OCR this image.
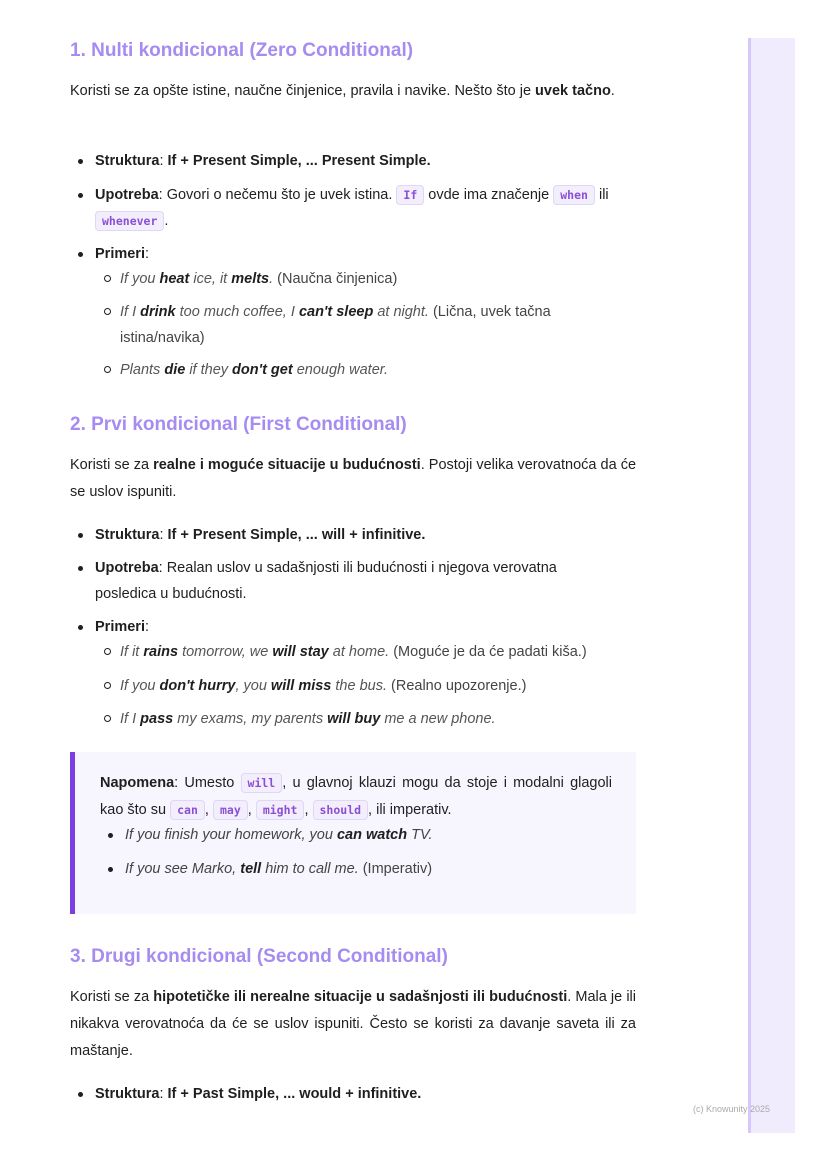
1. Nulti kondicional (Zero Conditional)
Koristi se za opšte istine, naučne činjenice, pravila i navike. Nešto što je uvek tačno.
Struktura: If + Present Simple, ... Present Simple.
Upotreba: Govori o nečemu što je uvek istina. If ovde ima značenje when ili whenever .
Primeri:
If you heat ice, it melts. (Naučna činjenica)
If I drink too much coffee, I can't sleep at night. (Lična, uvek tačna istina/navika)
Plants die if they don't get enough water.
2. Prvi kondicional (First Conditional)
Koristi se za realne i moguće situacije u budućnosti. Postoji velika verovatnoća da će se uslov ispuniti.
Struktura: If + Present Simple, ... will + infinitive.
Upotreba: Realan uslov u sadašnjosti ili budućnosti i njegova verovatna posledica u budućnosti.
Primeri:
If it rains tomorrow, we will stay at home. (Moguće je da će padati kiša.)
If you don't hurry, you will miss the bus. (Realno upozorenje.)
If I pass my exams, my parents will buy me a new phone.
Napomena: Umesto will , u glavnoj klauzi mogu da stoje i modalni glagoli kao što su can , may , might , should , ili imperativ.
If you finish your homework, you can watch TV.
If you see Marko, tell him to call me. (Imperativ)
3. Drugi kondicional (Second Conditional)
Koristi se za hipotetičke ili nerealne situacije u sadašnjosti ili budućnosti. Mala je ili nikakva verovatnoća da će se uslov ispuniti. Često se koristi za davanje saveta ili za maštanje.
Struktura: If + Past Simple, ... would + infinitive.
(c) Knowunity 2025
